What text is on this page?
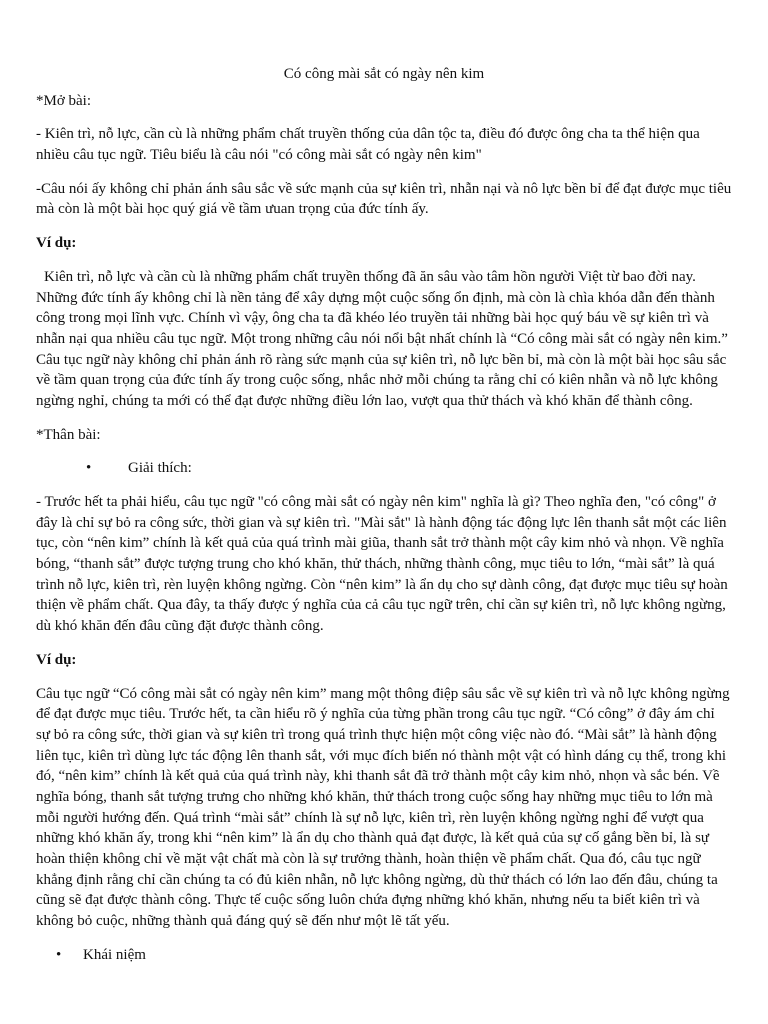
Có công mài sắt có ngày nên kim

*Mở bài:

- Kiên trì, nỗ lực, cần cù là những phẩm chất truyền thống của dân tộc ta, điều đó được ông cha ta thể hiện qua nhiều câu tục ngữ. Tiêu biểu là câu nói "có công mài sắt có ngày nên kim"

-Câu nói ấy không chỉ phản ánh sâu sắc về sức mạnh của sự kiên trì, nhẫn nại và nô lực bền bỉ để đạt được mục tiêu mà còn là một bài học quý giá về tầm ưuan trọng của đức tính ấy.

Ví dụ:

Kiên trì, nỗ lực và cần cù là những phẩm chất truyền thống đã ăn sâu vào tâm hồn người Việt từ bao đời nay. Những đức tính ấy không chỉ là nền tảng để xây dựng một cuộc sống ổn định, mà còn là chìa khóa dẫn đến thành công trong mọi lĩnh vực. Chính vì vậy, ông cha ta đã khéo léo truyền tải những bài học quý báu về sự kiên trì và nhẫn nại qua nhiều câu tục ngữ. Một trong những câu nói nổi bật nhất chính là “Có công mài sắt có ngày nên kim.” Câu tục ngữ này không chỉ phản ánh rõ ràng sức mạnh của sự kiên trì, nỗ lực bền bỉ, mà còn là một bài học sâu sắc về tầm quan trọng của đức tính ấy trong cuộc sống, nhắc nhở mỗi chúng ta rằng chỉ có kiên nhẫn và nỗ lực không ngừng nghỉ, chúng ta mới có thể đạt được những điều lớn lao, vượt qua thử thách và khó khăn để thành công.

*Thân bài:

•	Giải thích:

- Trước hết ta phải hiểu, câu tục ngữ "có công mài sắt có ngày nên kim" nghĩa là gì? Theo nghĩa đen, "có công" ở đây là chỉ sự bỏ ra công sức, thời gian và sự kiên trì. "Mài sắt" là hành động tác động lực lên thanh sắt một các liên tục, còn “nên kim” chính là kết quả của quá trình mài giũa, thanh sắt trở thành một cây kim nhỏ và nhọn. Về nghĩa bóng, “thanh sắt” được tượng trung cho khó khăn, thử thách, những thành công, mục tiêu to lớn, “mài sắt” là quá trình nỗ lực, kiên trì, rèn luyện không ngừng. Còn “nên kim” là ẩn dụ cho sự dành công, đạt được mục tiêu sự hoàn thiện về phẩm chất. Qua đây, ta thấy được ý nghĩa của cả câu tục ngữ trên, chỉ cần sự kiên trì, nỗ lực không ngừng, dù khó khăn đến đâu cũng đặt được thành công.

Ví dụ:

Câu tục ngữ “Có công mài sắt có ngày nên kim” mang một thông điệp sâu sắc về sự kiên trì và nỗ lực không ngừng để đạt được mục tiêu. Trước hết, ta cần hiểu rõ ý nghĩa của từng phần trong câu tục ngữ. “Có công” ở đây ám chỉ sự bỏ ra công sức, thời gian và sự kiên trì trong quá trình thực hiện một công việc nào đó. “Mài sắt” là hành động liên tục, kiên trì dùng lực tác động lên thanh sắt, với mục đích biến nó thành một vật có hình dáng cụ thể, trong khi đó, “nên kim” chính là kết quả của quá trình này, khi thanh sắt đã trở thành một cây kim nhỏ, nhọn và sắc bén. Về nghĩa bóng, thanh sắt tượng trưng cho những khó khăn, thử thách trong cuộc sống hay những mục tiêu to lớn mà mỗi người hướng đến. Quá trình “mài sắt” chính là sự nỗ lực, kiên trì, rèn luyện không ngừng nghỉ để vượt qua những khó khăn ấy, trong khi “nên kim” là ẩn dụ cho thành quả đạt được, là kết quả của sự cố gắng bền bỉ, là sự hoàn thiện không chỉ về mặt vật chất mà còn là sự trưởng thành, hoàn thiện về phẩm chất. Qua đó, câu tục ngữ khẳng định rằng chỉ cần chúng ta có đủ kiên nhẫn, nỗ lực không ngừng, dù thử thách có lớn lao đến đâu, chúng ta cũng sẽ đạt được thành công. Thực tế cuộc sống luôn chứa đựng những khó khăn, nhưng nếu ta biết kiên trì và không bỏ cuộc, những thành quả đáng quý sẽ đến như một lẽ tất yếu.

•	Khái niệm
